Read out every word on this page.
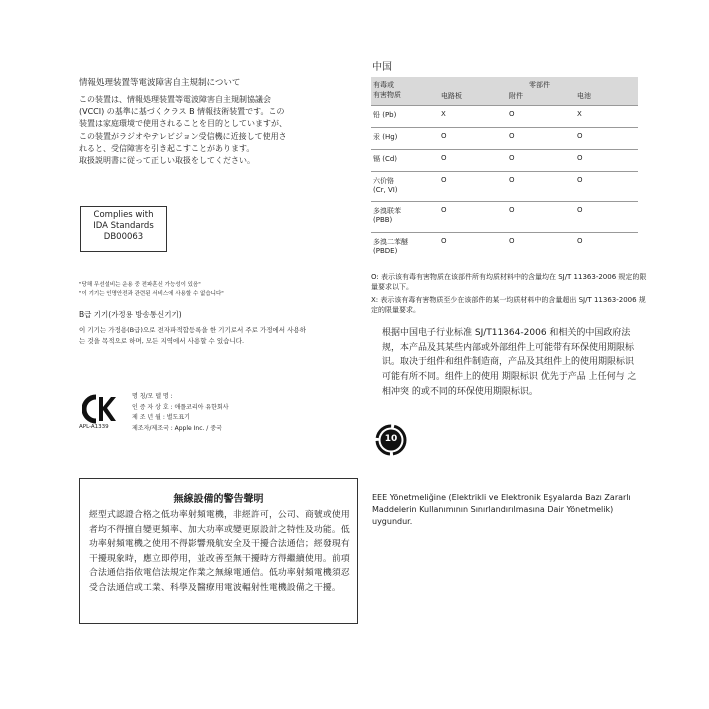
情報処理装置等電波障害自主規制について

この装置は、情報処理装置等電波障害自主規制協議会 (VCCI) の基準に基づくクラス B 情報技術装置です。この装置は家庭環境で使用されることを目的としていますが、この装置がラジオやテレビジョン受信機に近接して使用されると、受信障害を引き起こすことがあります。

取扱説明書に従って正しい取扱をしてください。

Complies with
IDA Standards
DB00063
"당해 무선설비는 운용 중 전파혼신 가능성이 있음"
"이 기기는 인명안전과 관련된 서비스에 사용할 수 없습니다"
B급 기기(가정용 방송통신기기)
이 기기는 가정용(B급)으로 전자파적합등록을 한 기기로서 주로 가정에서 사용하는 것을 목적으로 하며, 모든 지역에서 사용할 수 있습니다.
APL-A1339
명 칭/모 델 명 :
인 증 자 상 호 : 애플코리아 유한회사
제 조 년 월 : 별도표기
제조자/제조국 : Apple Inc. / 중국
無線設備的警告聲明
經型式認證合格之低功率射頻電機，非經許可，公司、商號或使用者均不得擅自變更頻率、加大功率或變更原設計之特性及功能。低功率射頻電機之使用不得影響飛航安全及干擾合法通信；經發現有干擾現象時，應立即停用，並改善至無干擾時方得繼續使用。前項合法通信指依電信法規定作業之無線電通信。低功率射頻電機須忍受合法通信或工業、科學及醫療用電波輻射性電機設備之干擾。
中国
有毒或
有害物质	零部件		
	电路板	附件	电池
铅 (Pb)	X	O	X
汞 (Hg)	O	O	O
镉 (Cd)	O	O	O

六价铬
(Cr, VI)	O	O	O

多溴联苯
(PBB)	O	O	O

多溴二苯醚
(PBDE)	O	O	O
O: 表示该有毒有害物质在该部件所有均质材料中的含量均在 SJ/T 11363-2006 规定的限量要求以下。
X: 表示该有毒有害物质至少在该部件的某一均质材料中的含量超出 SJ/T 11363-2006 规定的限量要求。
根据中国电子行业标准 SJ/T11364-2006 和相关的中国政府法规，本产品及其某些内部或外部组件上可能带有环保使用期限标识。取决于组件和组件制造商，产品及其组件上的使用期限标识可能有所不同。组件上的使用 期限标识 优先于产品 上任何与 之相冲突 的或不同的环保使用期限标识。
10
EEE Yönetmeliğine (Elektrikli ve Elektronik Eşyalarda Bazı Zararlı Maddelerin Kullanımının Sınırlandırılmasına Dair Yönetmelik) uygundur.
